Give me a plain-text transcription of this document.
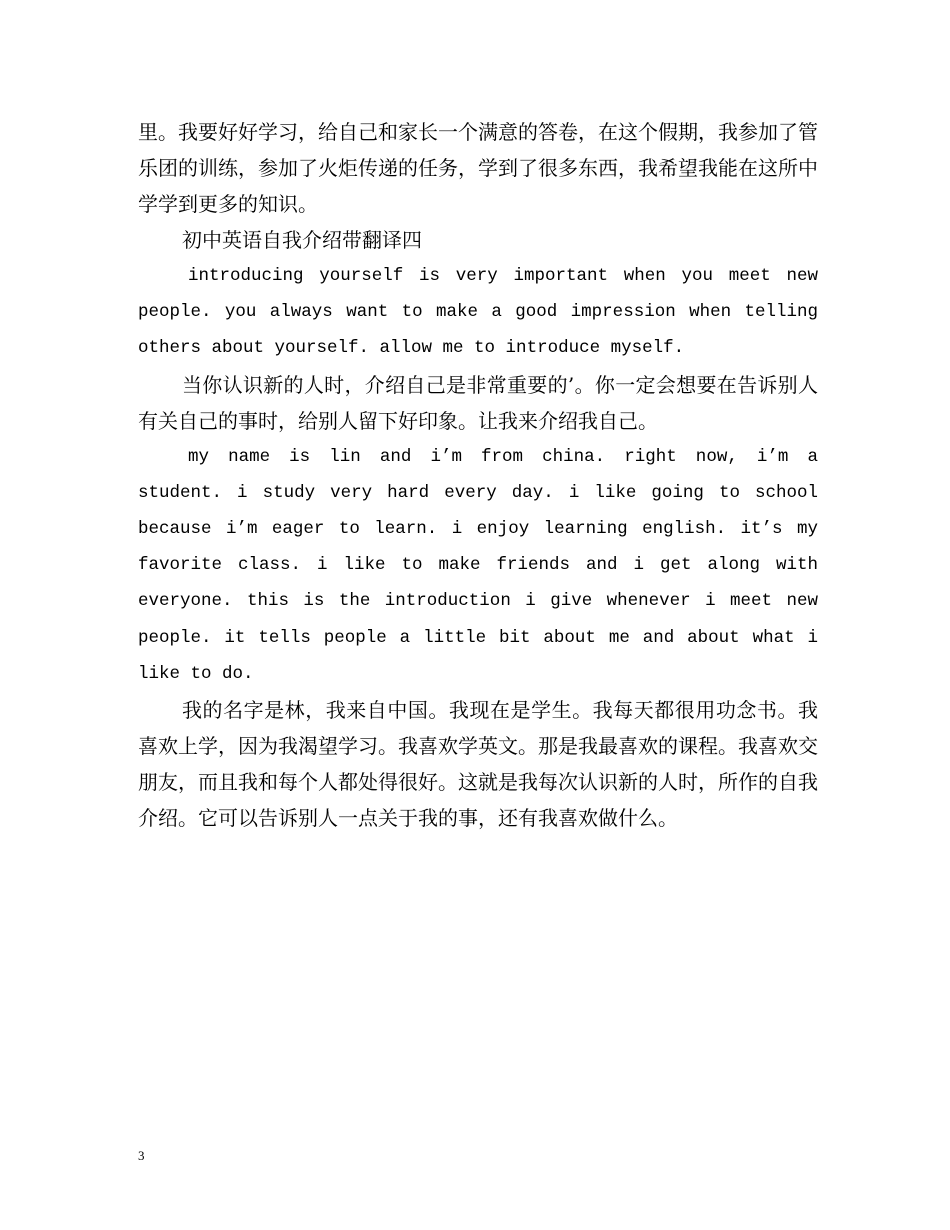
里。我要好好学习，给自己和家长一个满意的答卷，在这个假期，我参加了管乐团的训练，参加了火炬传递的任务，学到了很多东西，我希望我能在这所中学学到更多的知识。

初中英语自我介绍带翻译四

introducing yourself is very important when you meet new people. you always want to make a good impression when telling others about yourself. allow me to introduce myself.

当你认识新的人时，介绍自己是非常重要的’。你一定会想要在告诉别人有关自己的事时，给别人留下好印象。让我来介绍我自己。

my name is lin and i’m from china. right now, i’m a student. i study very hard every day. i like going to school because i’m eager to learn. i enjoy learning english. it’s my favorite class. i like to make friends and i get along with everyone. this is the introduction i give whenever i meet new people. it tells people a little bit about me and about what i like to do.

我的名字是林，我来自中国。我现在是学生。我每天都很用功念书。我喜欢上学，因为我渴望学习。我喜欢学英文。那是我最喜欢的课程。我喜欢交朋友，而且我和每个人都处得很好。这就是我每次认识新的人时，所作的自我介绍。它可以告诉别人一点关于我的事，还有我喜欢做什么。

3
